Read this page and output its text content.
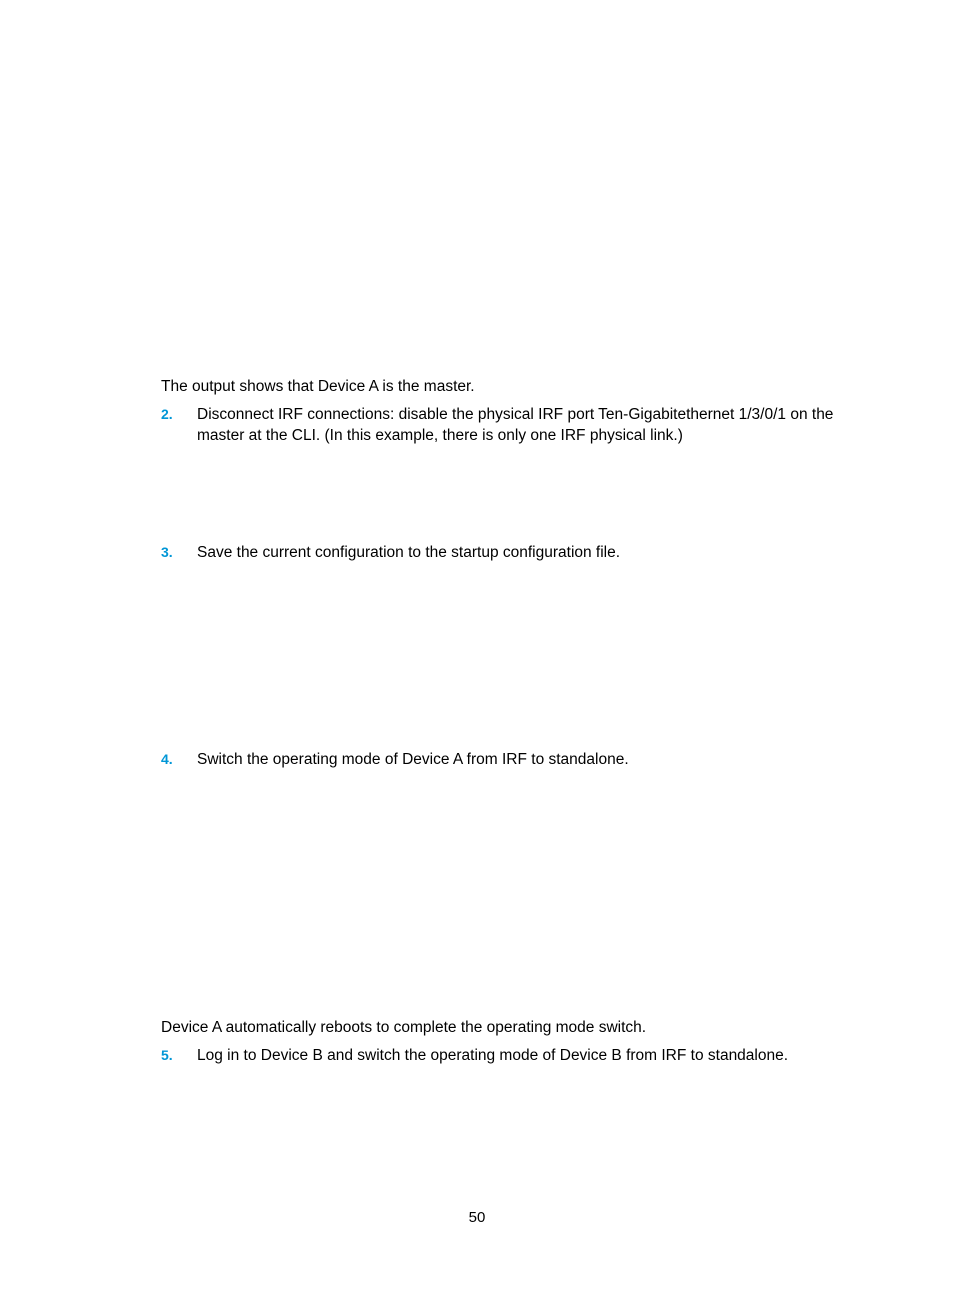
The output shows that Device A is the master.

2. Disconnect IRF connections: disable the physical IRF port Ten-Gigabitethernet 1/3/0/1 on the master at the CLI. (In this example, there is only one IRF physical link.)
3. Save the current configuration to the startup configuration file.
4. Switch the operating mode of Device A from IRF to standalone.

Device A automatically reboots to complete the operating mode switch.

5. Log in to Device B and switch the operating mode of Device B from IRF to standalone.
50
